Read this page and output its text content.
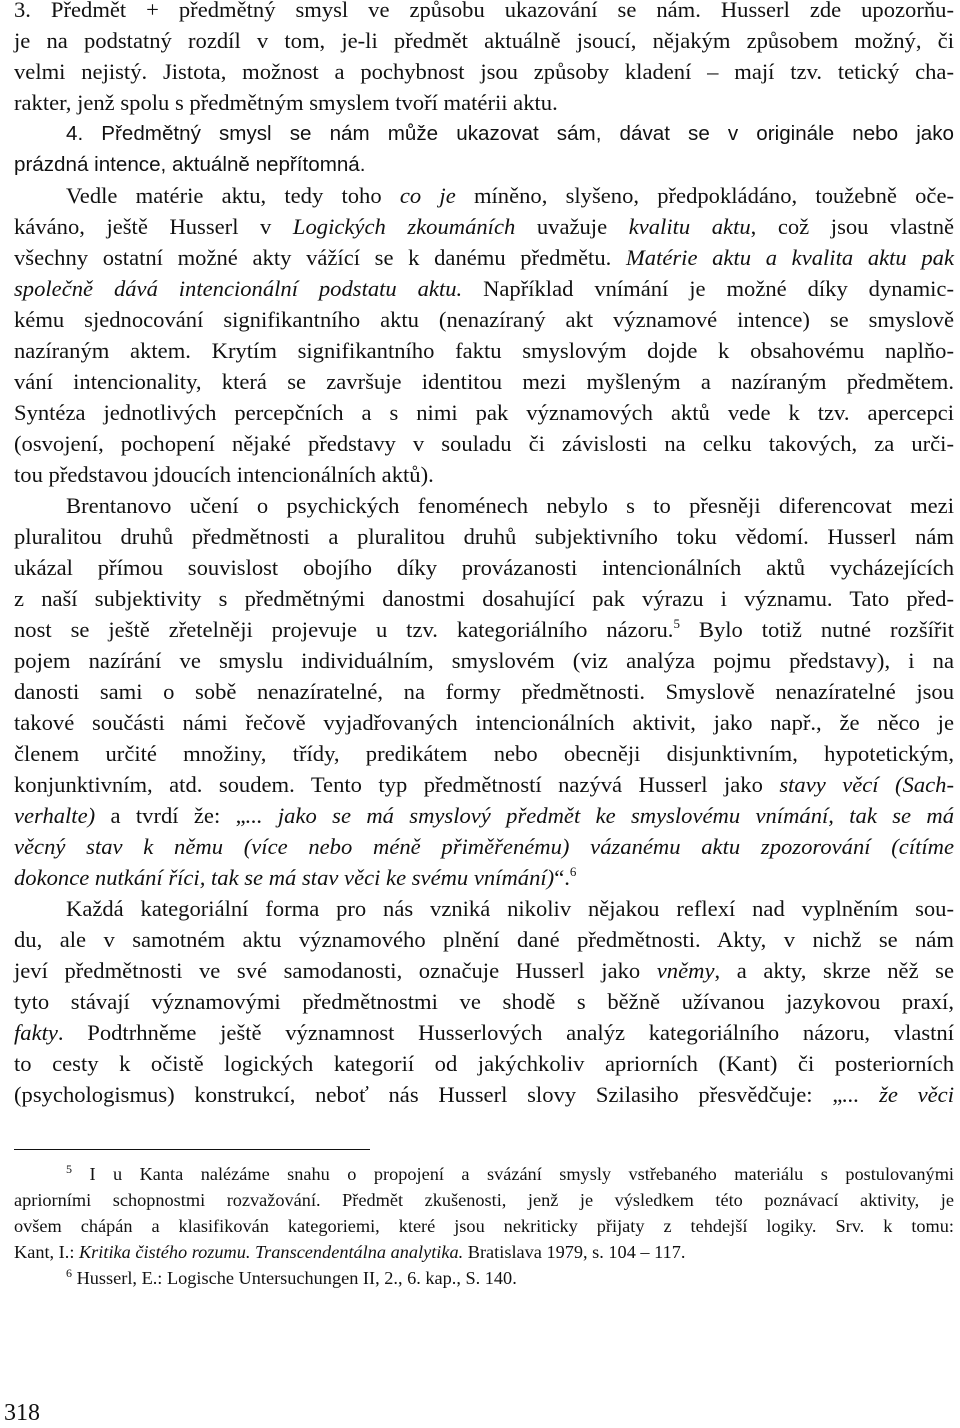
3. Předmět + předmětný smysl ve způsobu ukazování se nám. Husserl zde upozorňu-
je na podstatný rozdíl v tom, je-li předmět aktuálně jsoucí, nějakým způsobem možný, či
velmi nejistý. Jistota, možnost a pochybnost jsou způsoby kladení – mají tzv. tetický cha-
rakter, jenž spolu s předmětným smyslem tvoří matérii aktu.
4. Předmětný smysl se nám může ukazovat sám, dávat se v originále nebo jako
prázdná intence, aktuálně nepřítomná.
Vedle matérie aktu, tedy toho co je míněno, slyšeno, předpokládáno, toužebně oče-
káváno, ještě Husserl v Logických zkoumáních uvažuje kvalitu aktu, což jsou vlastně
všechny ostatní možné akty vážící se k danému předmětu. Matérie aktu a kvalita aktu pak
společně dává intencionální podstatu aktu. Například vnímání je možné díky dynamic-
kému sjednocování signifikantního aktu (nenazíraný akt významové intence) se smyslově
nazíraným aktem. Krytím signifikantního faktu smyslovým dojde k obsahovému naplňo-
vání intencionality, která se završuje identitou mezi myšleným a nazíraným předmětem.
Syntéza jednotlivých percepčních a s nimi pak významových aktů vede k tzv. apercepci
(osvojení, pochopení nějaké představy v souladu či závislosti na celku takových, za urči-
tou představou jdoucích intencionálních aktů).
Brentanovo učení o psychických fenoménech nebylo s to přesněji diferencovat mezi
pluralitou druhů předmětnosti a pluralitou druhů subjektivního toku vědomí. Husserl nám
ukázal přímou souvislost obojího díky provázanosti intencionálních aktů vycházejících
z naší subjektivity s předmětnými danostmi dosahující pak výrazu i významu. Tato před-
nost se ještě zřetelněji projevuje u tzv. kategoriálního názoru.$^5$ Bylo totiž nutné rozšířit
pojem nazírání ve smyslu individuálním, smyslovém (viz analýza pojmu představy), i na
danosti sami o sobě nenazíratelné, na formy předmětnosti. Smyslově nenazíratelné jsou
takové součásti námi řečově vyjadřovaných intencionálních aktivit, jako např., že něco je
členem určité množiny, třídy, predikátem nebo obecněji disjunktivním, hypotetickým,
konjunktivním, atd. soudem. Tento typ předmětností nazývá Husserl jako stavy věcí (Sach-
verhalte) a tvrdí že: „... jako se má smyslový předmět ke smyslovému vnímání, tak se má
věcný stav k němu (více nebo méně přiměřenému) vázanému aktu zpozorování (cítíme
dokonce nutkání říci, tak se má stav věci ke svému vnímání)“.$^6$
Každá kategoriální forma pro nás vzniká nikoliv nějakou reflexí nad vyplněním sou-
du, ale v samotném aktu významového plnění dané předmětnosti. Akty, v nichž se nám
jeví předmětnosti ve své samodanosti, označuje Husserl jako vněmy, a akty, skrze něž se
tyto stávají významovými předmětnostmi ve shodě s běžně užívanou jazykovou praxí,
fakty. Podtrhněme ještě významnost Husserlových analýz kategoriálního názoru, vlastní
to cesty k očistě logických kategorií od jakýchkoliv apriorních (Kant) či posteriorních
(psychologismus) konstrukcí, neboť nás Husserl slovy Szilasiho přesvědčuje: „... že věci
$^5$ I u Kanta nalézáme snahu o propojení a svázání smysly vstřebaného materiálu s postulovanými
apriorními schopnostmi rozvažování. Předmět zkušenosti, jenž je výsledkem této poznávací aktivity, je
ovšem chápán a klasifikován kategoriemi, které jsou nekriticky přijaty z tehdejší logiky. Srv. k tomu:
Kant, I.: Kritika čistého rozumu. Transcendentálna analytika. Bratislava 1979, s. 104 – 117.
$^6$ Husserl, E.: Logische Untersuchungen II, 2., 6. kap., S. 140.
318
